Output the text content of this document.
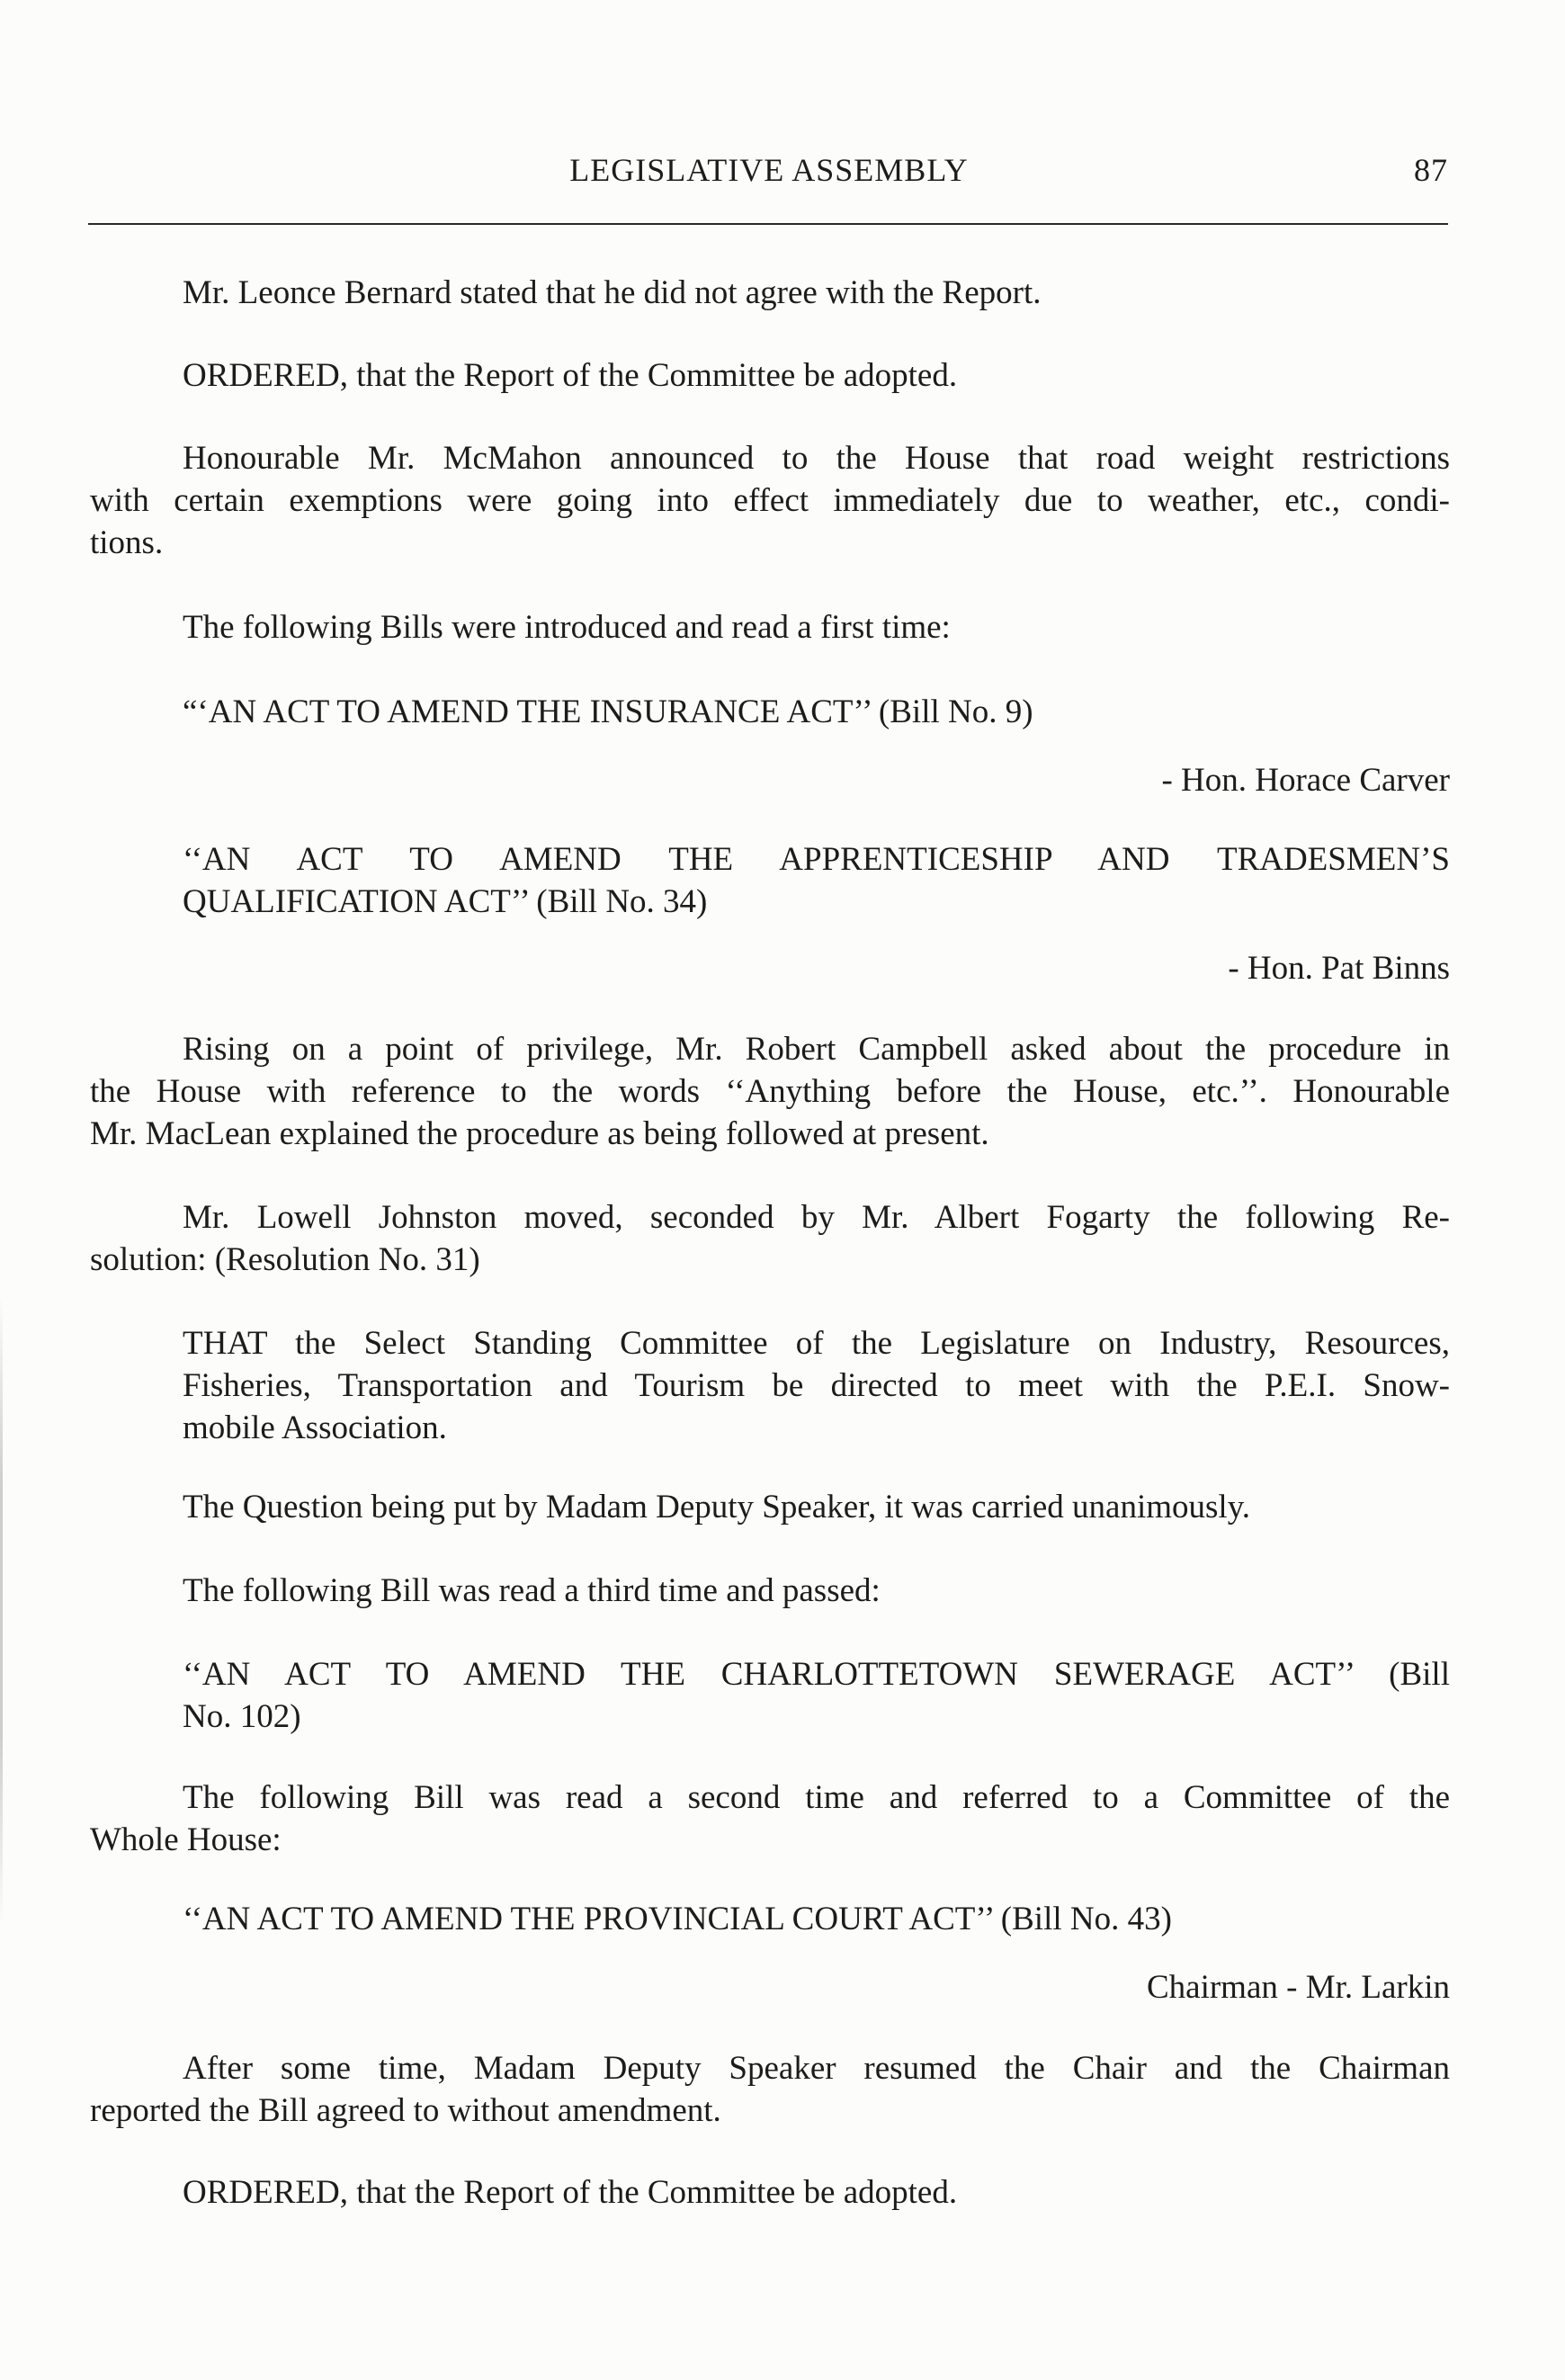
LEGISLATIVE ASSEMBLY	87
Mr. Leonce Bernard stated that he did not agree with the Report.
ORDERED, that the Report of the Committee be adopted.
Honourable Mr. McMahon announced to the House that road weight restrictions
with certain exemptions were going into effect immediately due to weather, etc., condi-
tions.
The following Bills were introduced and read a first time:
“‘AN ACT TO AMEND THE INSURANCE ACT’’ (Bill No. 9)
- Hon. Horace Carver
‘‘AN ACT TO AMEND THE APPRENTICESHIP AND TRADESMEN’S
QUALIFICATION ACT’’ (Bill No. 34)
- Hon. Pat Binns
Rising on a point of privilege, Mr. Robert Campbell asked about the procedure in
the House with reference to the words ‘‘Anything before the House, etc.’’. Honourable
Mr. MacLean explained the procedure as being followed at present.
Mr. Lowell Johnston moved, seconded by Mr. Albert Fogarty the following Re-
solution: (Resolution No. 31)
THAT the Select Standing Committee of the Legislature on Industry, Resources,
Fisheries, Transportation and Tourism be directed to meet with the P.E.I. Snow-
mobile Association.
The Question being put by Madam Deputy Speaker, it was carried unanimously.
The following Bill was read a third time and passed:
‘‘AN ACT TO AMEND THE CHARLOTTETOWN SEWERAGE ACT’’ (Bill
No. 102)
The following Bill was read a second time and referred to a Committee of the
Whole House:
‘‘AN ACT TO AMEND THE PROVINCIAL COURT ACT’’ (Bill No. 43)
Chairman - Mr. Larkin
After some time, Madam Deputy Speaker resumed the Chair and the Chairman
reported the Bill agreed to without amendment.
ORDERED, that the Report of the Committee be adopted.
